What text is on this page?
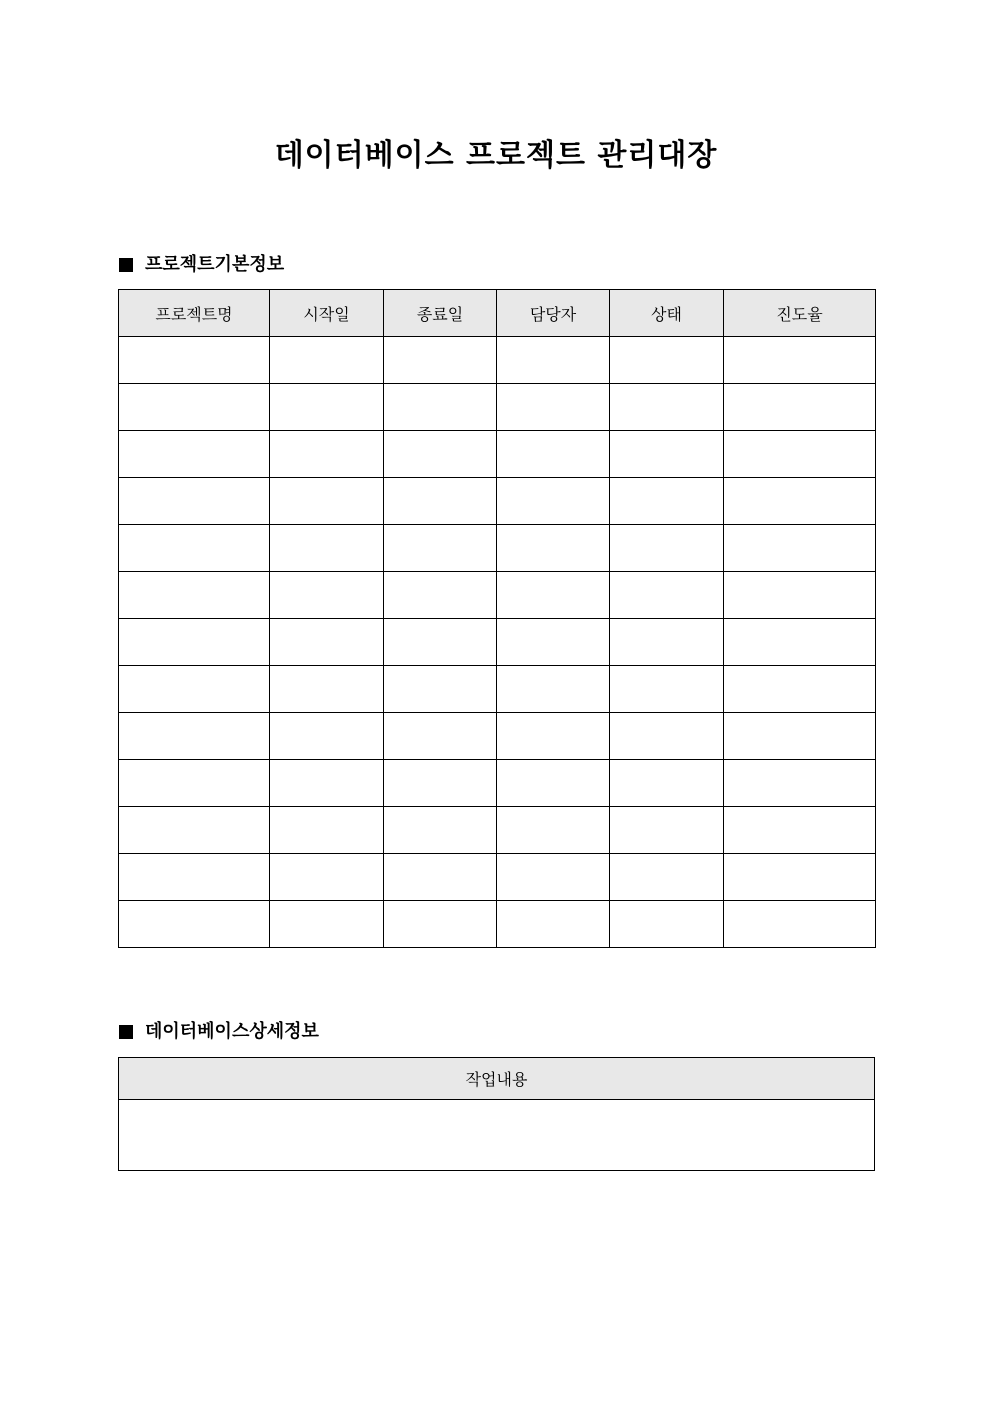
데이터베이스 프로젝트 관리대장
프로젝트기본정보
프로젝트명	시작일	종료일	담당자	상태	진도율

데이터베이스상세정보
작업내용
